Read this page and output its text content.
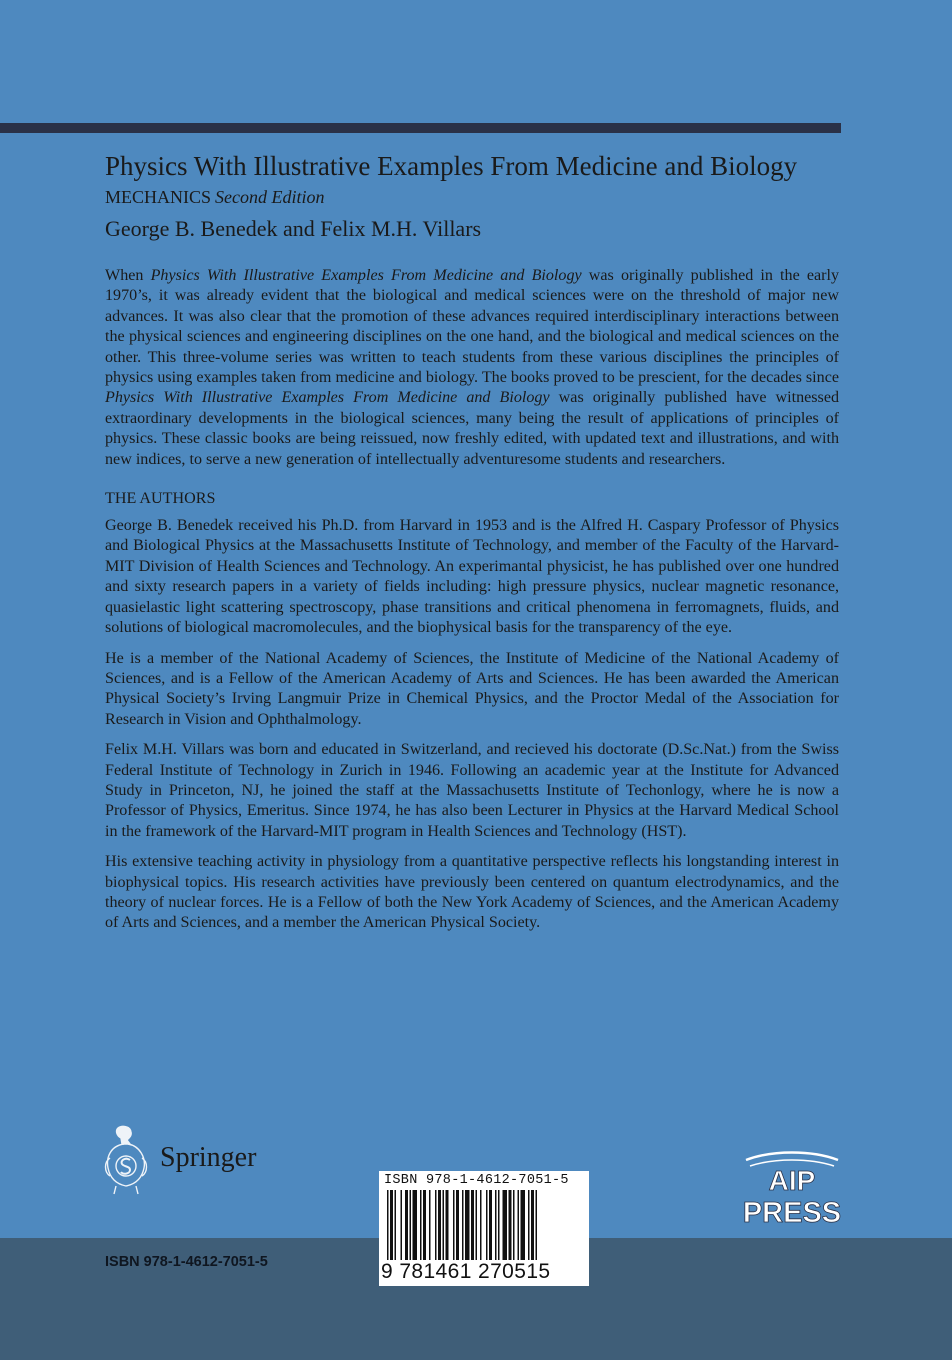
Physics With Illustrative Examples From Medicine and Biology
MECHANICS Second Edition
George B. Benedek and Felix M.H. Villars

When Physics With Illustrative Examples From Medicine and Biology was originally published in the early 1970’s, it was already evident that the biological and medical sciences were on the threshold of major new advances. It was also clear that the promotion of these advances required interdisciplinary interactions between the physical sciences and engineering disciplines on the one hand, and the biological and medical sciences on the other. This three-volume series was written to teach students from these various disciplines the principles of physics using examples taken from medicine and biology. The books proved to be prescient, for the decades since Physics With Illustrative Examples From Medicine and Biology was originally published have witnessed extraordinary developments in the biological sciences, many being the result of applications of principles of physics. These classic books are being reissued, now freshly edited, with updated text and illustrations, and with new indices, to serve a new generation of intellectually adventuresome students and researchers.

THE AUTHORS

George B. Benedek received his Ph.D. from Harvard in 1953 and is the Alfred H. Caspary Professor of Physics and Biological Physics at the Massachusetts Institute of Technology, and member of the Faculty of the Harvard-MIT Division of Health Sciences and Technology. An experimantal physicist, he has published over one hundred and sixty research papers in a variety of fields including: high pressure physics, nuclear magnetic resonance, quasielastic light scattering spectroscopy, phase transitions and critical phenomena in ferromagnets, fluids, and solutions of biological macromolecules, and the biophysical basis for the transparency of the eye.

He is a member of the National Academy of Sciences, the Institute of Medicine of the National Academy of Sciences, and is a Fellow of the American Academy of Arts and Sciences. He has been awarded the American Physical Society’s Irving Langmuir Prize in Chemical Physics, and the Proctor Medal of the Association for Research in Vision and Ophthalmology.

Felix M.H. Villars was born and educated in Switzerland, and recieved his doctorate (D.Sc.Nat.) from the Swiss Federal Institute of Technology in Zurich in 1946. Following an academic year at the Institute for Advanced Study in Princeton, NJ, he joined the staff at the Massachusetts Institute of Techonlogy, where he is now a Professor of Physics, Emeritus. Since 1974, he has also been Lecturer in Physics at the Harvard Medical School in the framework of the Harvard-MIT program in Health Sciences and Technology (HST).

His extensive teaching activity in physiology from a quantitative perspective reflects his longstanding interest in biophysical topics. His research activities have previously been centered on quantum electrodynamics, and the theory of nuclear forces. He is a Fellow of both the New York Academy of Sciences, and the American Academy of Arts and Sciences, and a member the American Physical Society.

Springer
AIP
PRESS
ISBN 978-1-4612-7051-5
ISBN 978-1-4612-7051-5
9 781461 270515
